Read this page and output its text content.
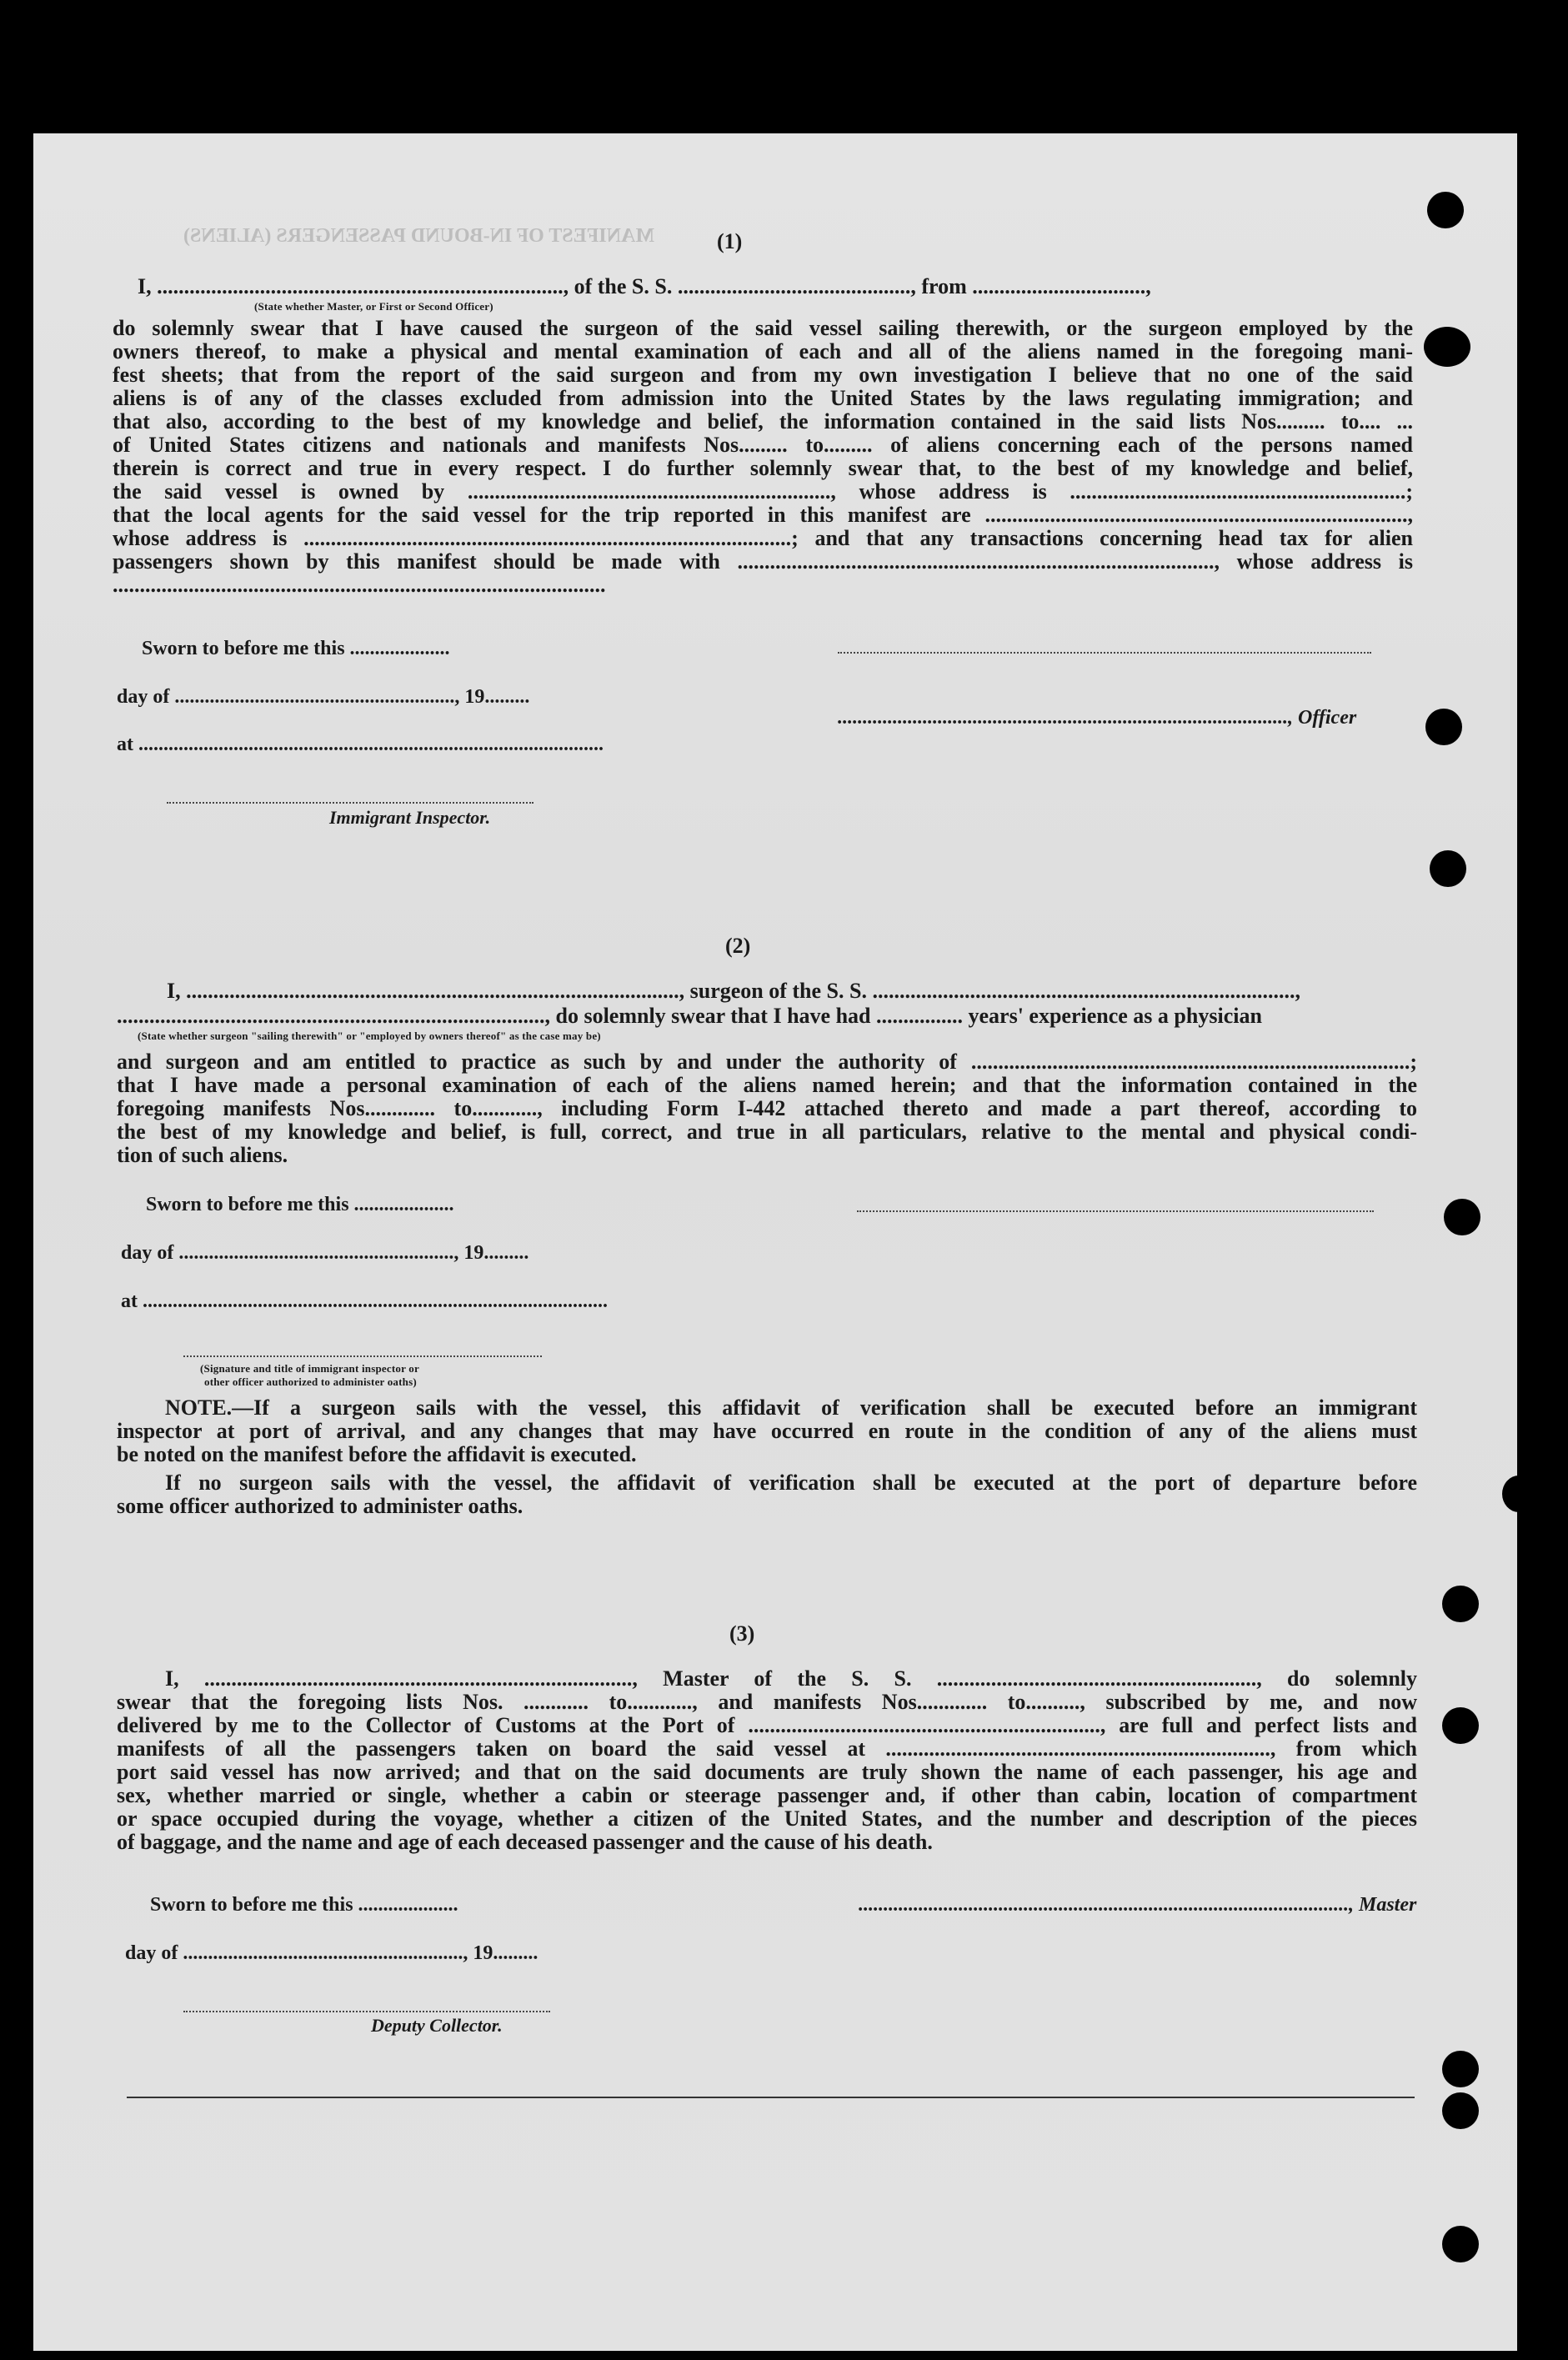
MANIFEST OF IN-BOUND PASSENGERS (ALIENS)	(1)
I, ..........................................................................., of the S. S. ..........................................., from ................................,
(State whether Master, or First or Second Officer)
do solemnly swear that I have caused the surgeon of the said vessel sailing therewith, or the surgeon employed by the
owners thereof, to make a physical and mental examination of each and all of the aliens named in the foregoing mani-
fest sheets; that from the report of the said surgeon and from my own investigation I believe that no one of the said
aliens is of any of the classes excluded from admission into the United States by the laws regulating immigration; and
that also, according to the best of my knowledge and belief, the information contained in the said lists Nos......... to.... ...
of United States citizens and nationals and manifests Nos......... to......... of aliens concerning each of the persons named
therein is correct and true in every respect. I do further solemnly swear that, to the best of my knowledge and belief,
the said vessel is owned by ..................................................................., whose address is ..............................................................;
that the local agents for the said vessel for the trip reported in this manifest are ..............................................................................,
whose address is ..........................................................................................; and that any transactions concerning head tax for alien
passengers shown by this manifest should be made with ........................................................................................, whose address is
...........................................................................................
Sworn to before me this ....................
day of ........................................................, 19.........
.........................................................................................., Officer
at .............................................................................................
Immigrant Inspector.
(2)
I, ..........................................................................................., surgeon of the S. S. ..............................................................................,
..............................................................................., do solemnly swear that I have had ................ years' experience as a physician
(State whether surgeon "sailing therewith" or "employed by owners thereof" as the case may be)
and surgeon and am entitled to practice as such by and under the authority of .................................................................................;
that I have made a personal examination of each of the aliens named herein; and that the information contained in the
foregoing manifests Nos............. to............, including Form I-442 attached thereto and made a part thereof, according to
the best of my knowledge and belief, is full, correct, and true in all particulars, relative to the mental and physical condi-
tion of such aliens.
Sworn to before me this ....................
day of ......................................................., 19.........
at .............................................................................................
(Signature and title of immigrant inspector or
other officer authorized to administer oaths)
NOTE.—If a surgeon sails with the vessel, this affidavit of verification shall be executed before an immigrant
inspector at port of arrival, and any changes that may have occurred en route in the condition of any of the aliens must
be noted on the manifest before the affidavit is executed.
If no surgeon sails with the vessel, the affidavit of verification shall be executed at the port of departure before
some officer authorized to administer oaths.
(3)
I, ..............................................................................., Master of the S. S. ..........................................................., do solemnly
swear that the foregoing lists Nos. ............ to............, and manifests Nos............. to.........., subscribed by me, and now
delivered by me to the Collector of Customs at the Port of ................................................................., are full and perfect lists and
manifests of all the passengers taken on board the said vessel at ......................................................................., from which
port said vessel has now arrived; and that on the said documents are truly shown the name of each passenger, his age and
sex, whether married or single, whether a cabin or steerage passenger and, if other than cabin, location of compartment
or space occupied during the voyage, whether a citizen of the United States, and the number and description of the pieces
of baggage, and the name and age of each deceased passenger and the cause of his death.
Sworn to before me this ....................	.................................................................................................., Master
day of ........................................................, 19.........
Deputy Collector.
